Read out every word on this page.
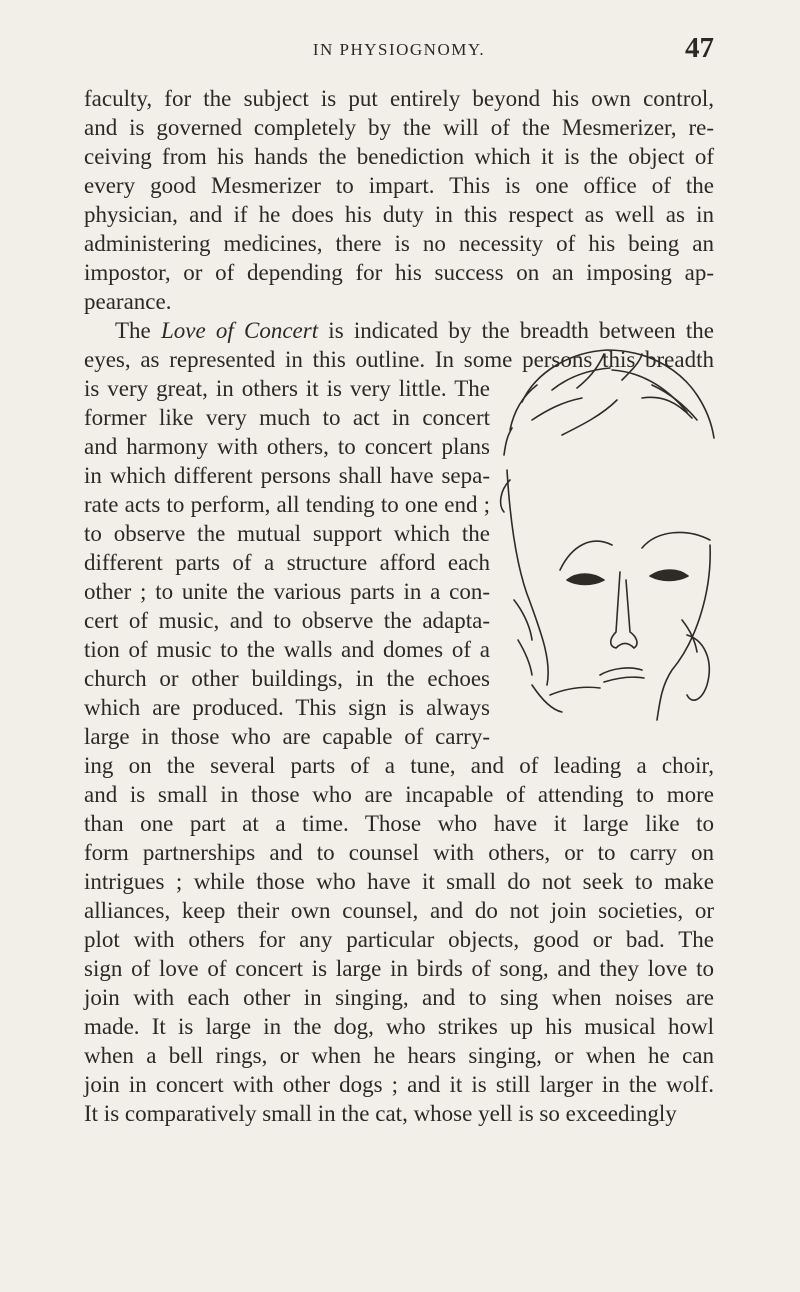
IN PHYSIOGNOMY.	47
faculty, for the subject is put entirely beyond his own control,
and is governed completely by the will of the Mesmerizer, re-
ceiving from his hands the benediction which it is the object of
every good Mesmerizer to impart. This is one office of the
physician, and if he does his duty in this respect as well as in
administering medicines, there is no necessity of his being an
impostor, or of depending for his success on an imposing ap-
pearance.
The Love of Concert is indicated by the breadth between the
eyes, as represented in this outline. In some persons this breadth
is very great, in others it is very little. The
former like very much to act in concert
and harmony with others, to concert plans
in which different persons shall have sepa-
rate acts to perform, all tending to one end ;
to observe the mutual support which the
different parts of a structure afford each
other ; to unite the various parts in a con-
cert of music, and to observe the adapta-
tion of music to the walls and domes of a
church or other buildings, in the echoes
which are produced. This sign is always
large in those who are capable of carry-
ing on the several parts of a tune, and of leading a choir,
and is small in those who are incapable of attending to more
than one part at a time. Those who have it large like to
form partnerships and to counsel with others, or to carry on
intrigues ; while those who have it small do not seek to make
alliances, keep their own counsel, and do not join societies, or
plot with others for any particular objects, good or bad. The
sign of love of concert is large in birds of song, and they love to
join with each other in singing, and to sing when noises are
made. It is large in the dog, who strikes up his musical howl
when a bell rings, or when he hears singing, or when he can
join in concert with other dogs ; and it is still larger in the wolf.
It is comparatively small in the cat, whose yell is so exceedingly
